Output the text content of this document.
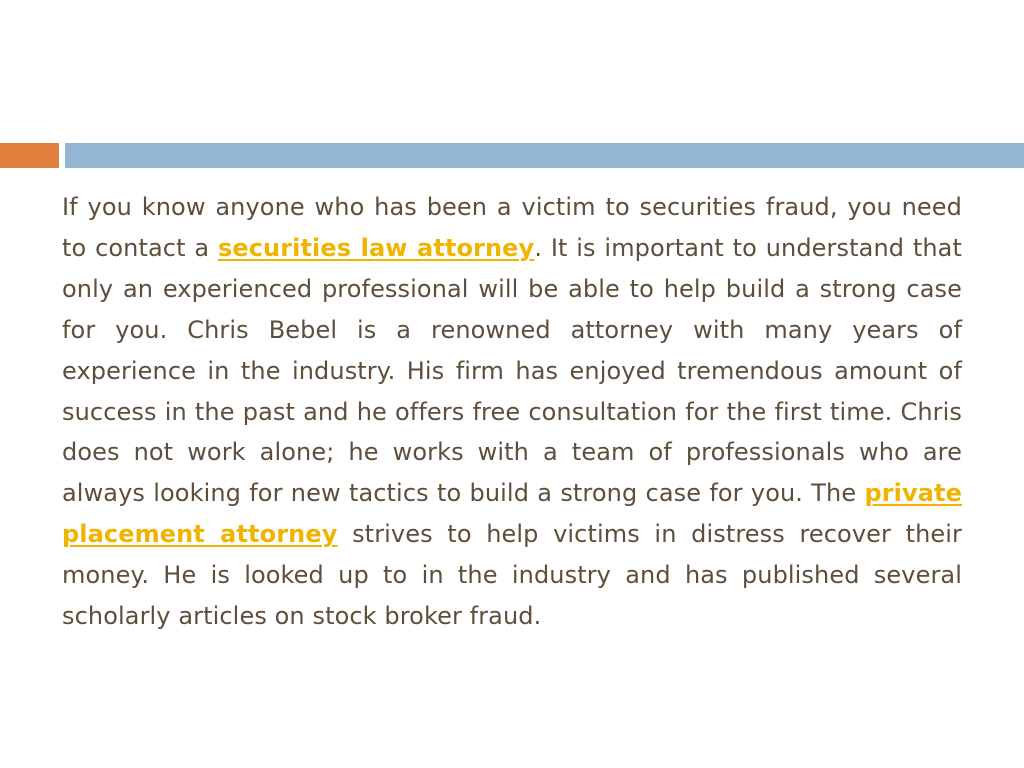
If you know anyone who has been a victim to securities fraud, you need to contact a securities law attorney. It is important to understand that only an experienced professional will be able to help build a strong case for you. Chris Bebel is a renowned attorney with many years of experience in the industry. His firm has enjoyed tremendous amount of success in the past and he offers free consultation for the first time. Chris does not work alone; he works with a team of professionals who are always looking for new tactics to build a strong case for you. The private placement attorney strives to help victims in distress recover their money. He is looked up to in the industry and has published several scholarly articles on stock broker fraud.
